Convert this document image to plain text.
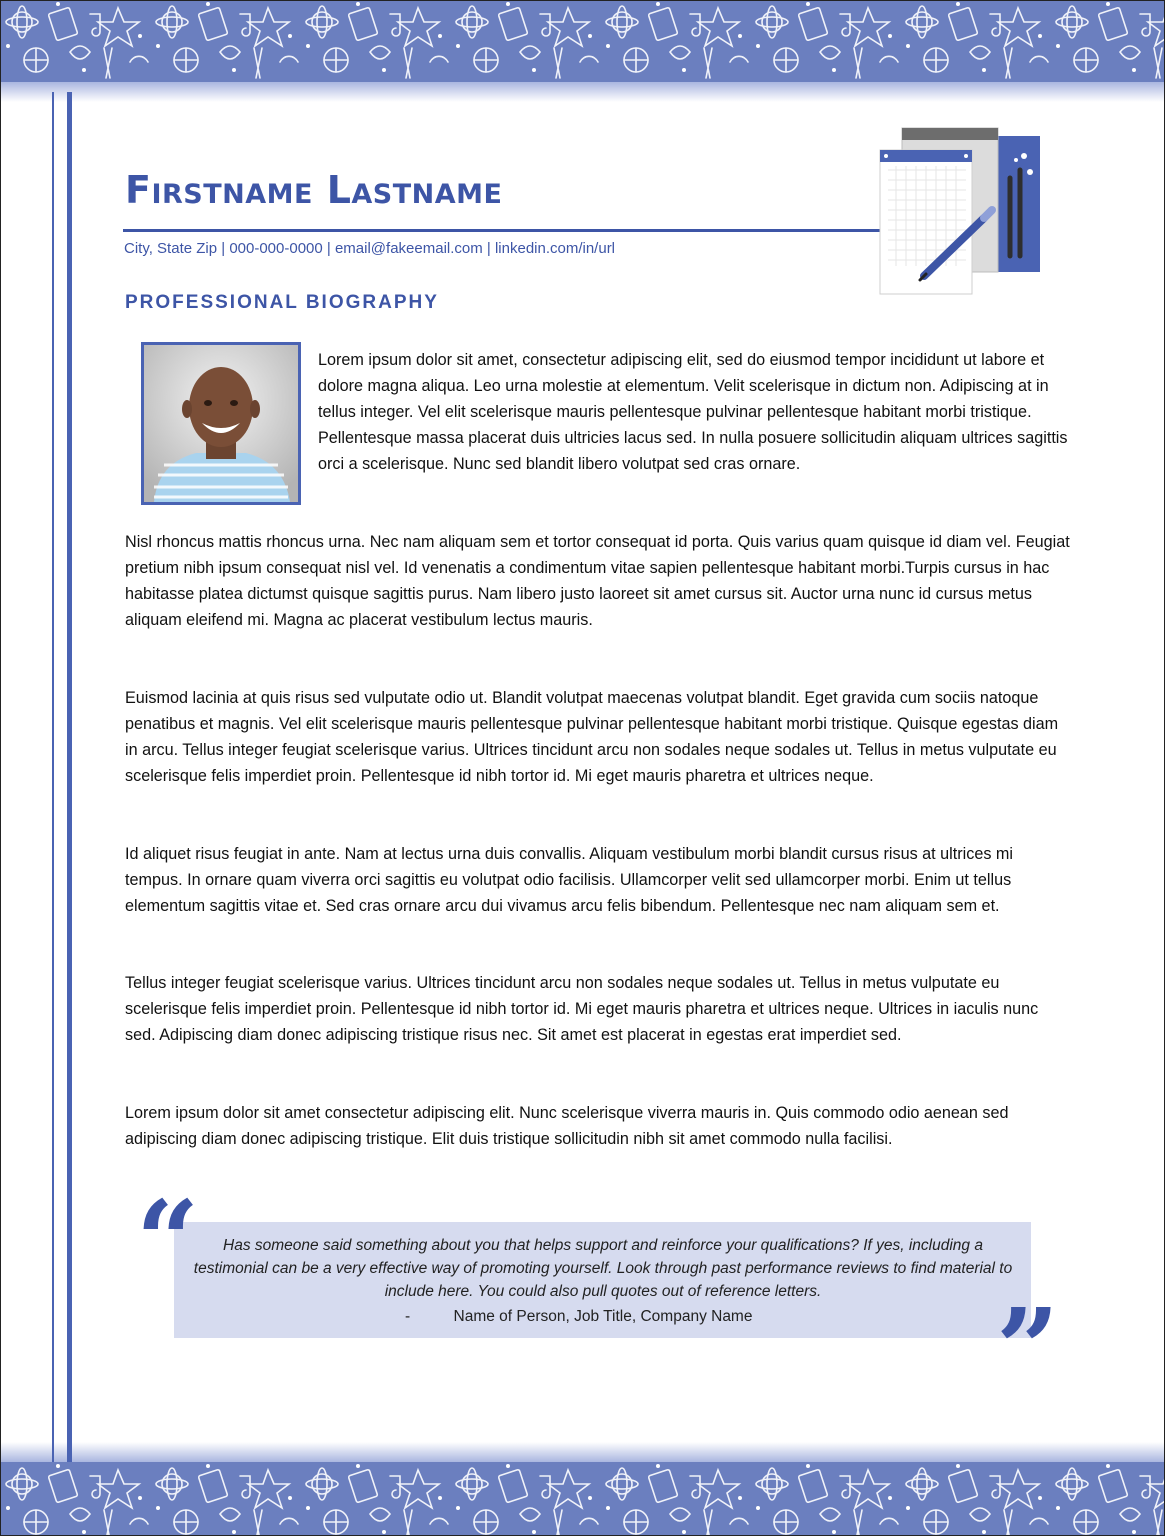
Firstname Lastname
City, State Zip | 000-000-0000 | email@fakeemail.com | linkedin.com/in/url
PROFESSIONAL BIOGRAPHY

Lorem ipsum dolor sit amet, consectetur adipiscing elit, sed do eiusmod tempor incididunt ut labore et dolore magna aliqua. Leo urna molestie at elementum. Velit scelerisque in dictum non. Adipiscing at in tellus integer. Vel elit scelerisque mauris pellentesque pulvinar pellentesque habitant morbi tristique. Pellentesque massa placerat duis ultricies lacus sed. In nulla posuere sollicitudin aliquam ultrices sagittis orci a scelerisque. Nunc sed blandit libero volutpat sed cras ornare.

Nisl rhoncus mattis rhoncus urna. Nec nam aliquam sem et tortor consequat id porta. Quis varius quam quisque id diam vel. Feugiat pretium nibh ipsum consequat nisl vel. Id venenatis a condimentum vitae sapien pellentesque habitant morbi.Turpis cursus in hac habitasse platea dictumst quisque sagittis purus. Nam libero justo laoreet sit amet cursus sit. Auctor urna nunc id cursus metus aliquam eleifend mi. Magna ac placerat vestibulum lectus mauris.

Euismod lacinia at quis risus sed vulputate odio ut. Blandit volutpat maecenas volutpat blandit. Eget gravida cum sociis natoque penatibus et magnis. Vel elit scelerisque mauris pellentesque pulvinar pellentesque habitant morbi tristique. Quisque egestas diam in arcu. Tellus integer feugiat scelerisque varius. Ultrices tincidunt arcu non sodales neque sodales ut. Tellus in metus vulputate eu scelerisque felis imperdiet proin. Pellentesque id nibh tortor id. Mi eget mauris pharetra et ultrices neque.

Id aliquet risus feugiat in ante. Nam at lectus urna duis convallis. Aliquam vestibulum morbi blandit cursus risus at ultrices mi tempus. In ornare quam viverra orci sagittis eu volutpat odio facilisis. Ullamcorper velit sed ullamcorper morbi. Enim ut tellus elementum sagittis vitae et. Sed cras ornare arcu dui vivamus arcu felis bibendum. Pellentesque nec nam aliquam sem et.

Tellus integer feugiat scelerisque varius. Ultrices tincidunt arcu non sodales neque sodales ut. Tellus in metus vulputate eu scelerisque felis imperdiet proin. Pellentesque id nibh tortor id. Mi eget mauris pharetra et ultrices neque. Ultrices in iaculis nunc sed. Adipiscing diam donec adipiscing tristique risus nec. Sit amet est placerat in egestas erat imperdiet sed.

Lorem ipsum dolor sit amet consectetur adipiscing elit. Nunc scelerisque viverra mauris in. Quis commodo odio aenean sed adipiscing diam donec adipiscing tristique. Elit duis tristique sollicitudin nibh sit amet commodo nulla facilisi.

“	Has someone said something about you that helps support and reinforce your qualifications? If yes, including a testimonial can be a very effective way of promoting yourself. Look through past performance reviews to find material to include here. You could also pull quotes out of reference letters.

-	Name of Person, Job Title, Company Name	”
